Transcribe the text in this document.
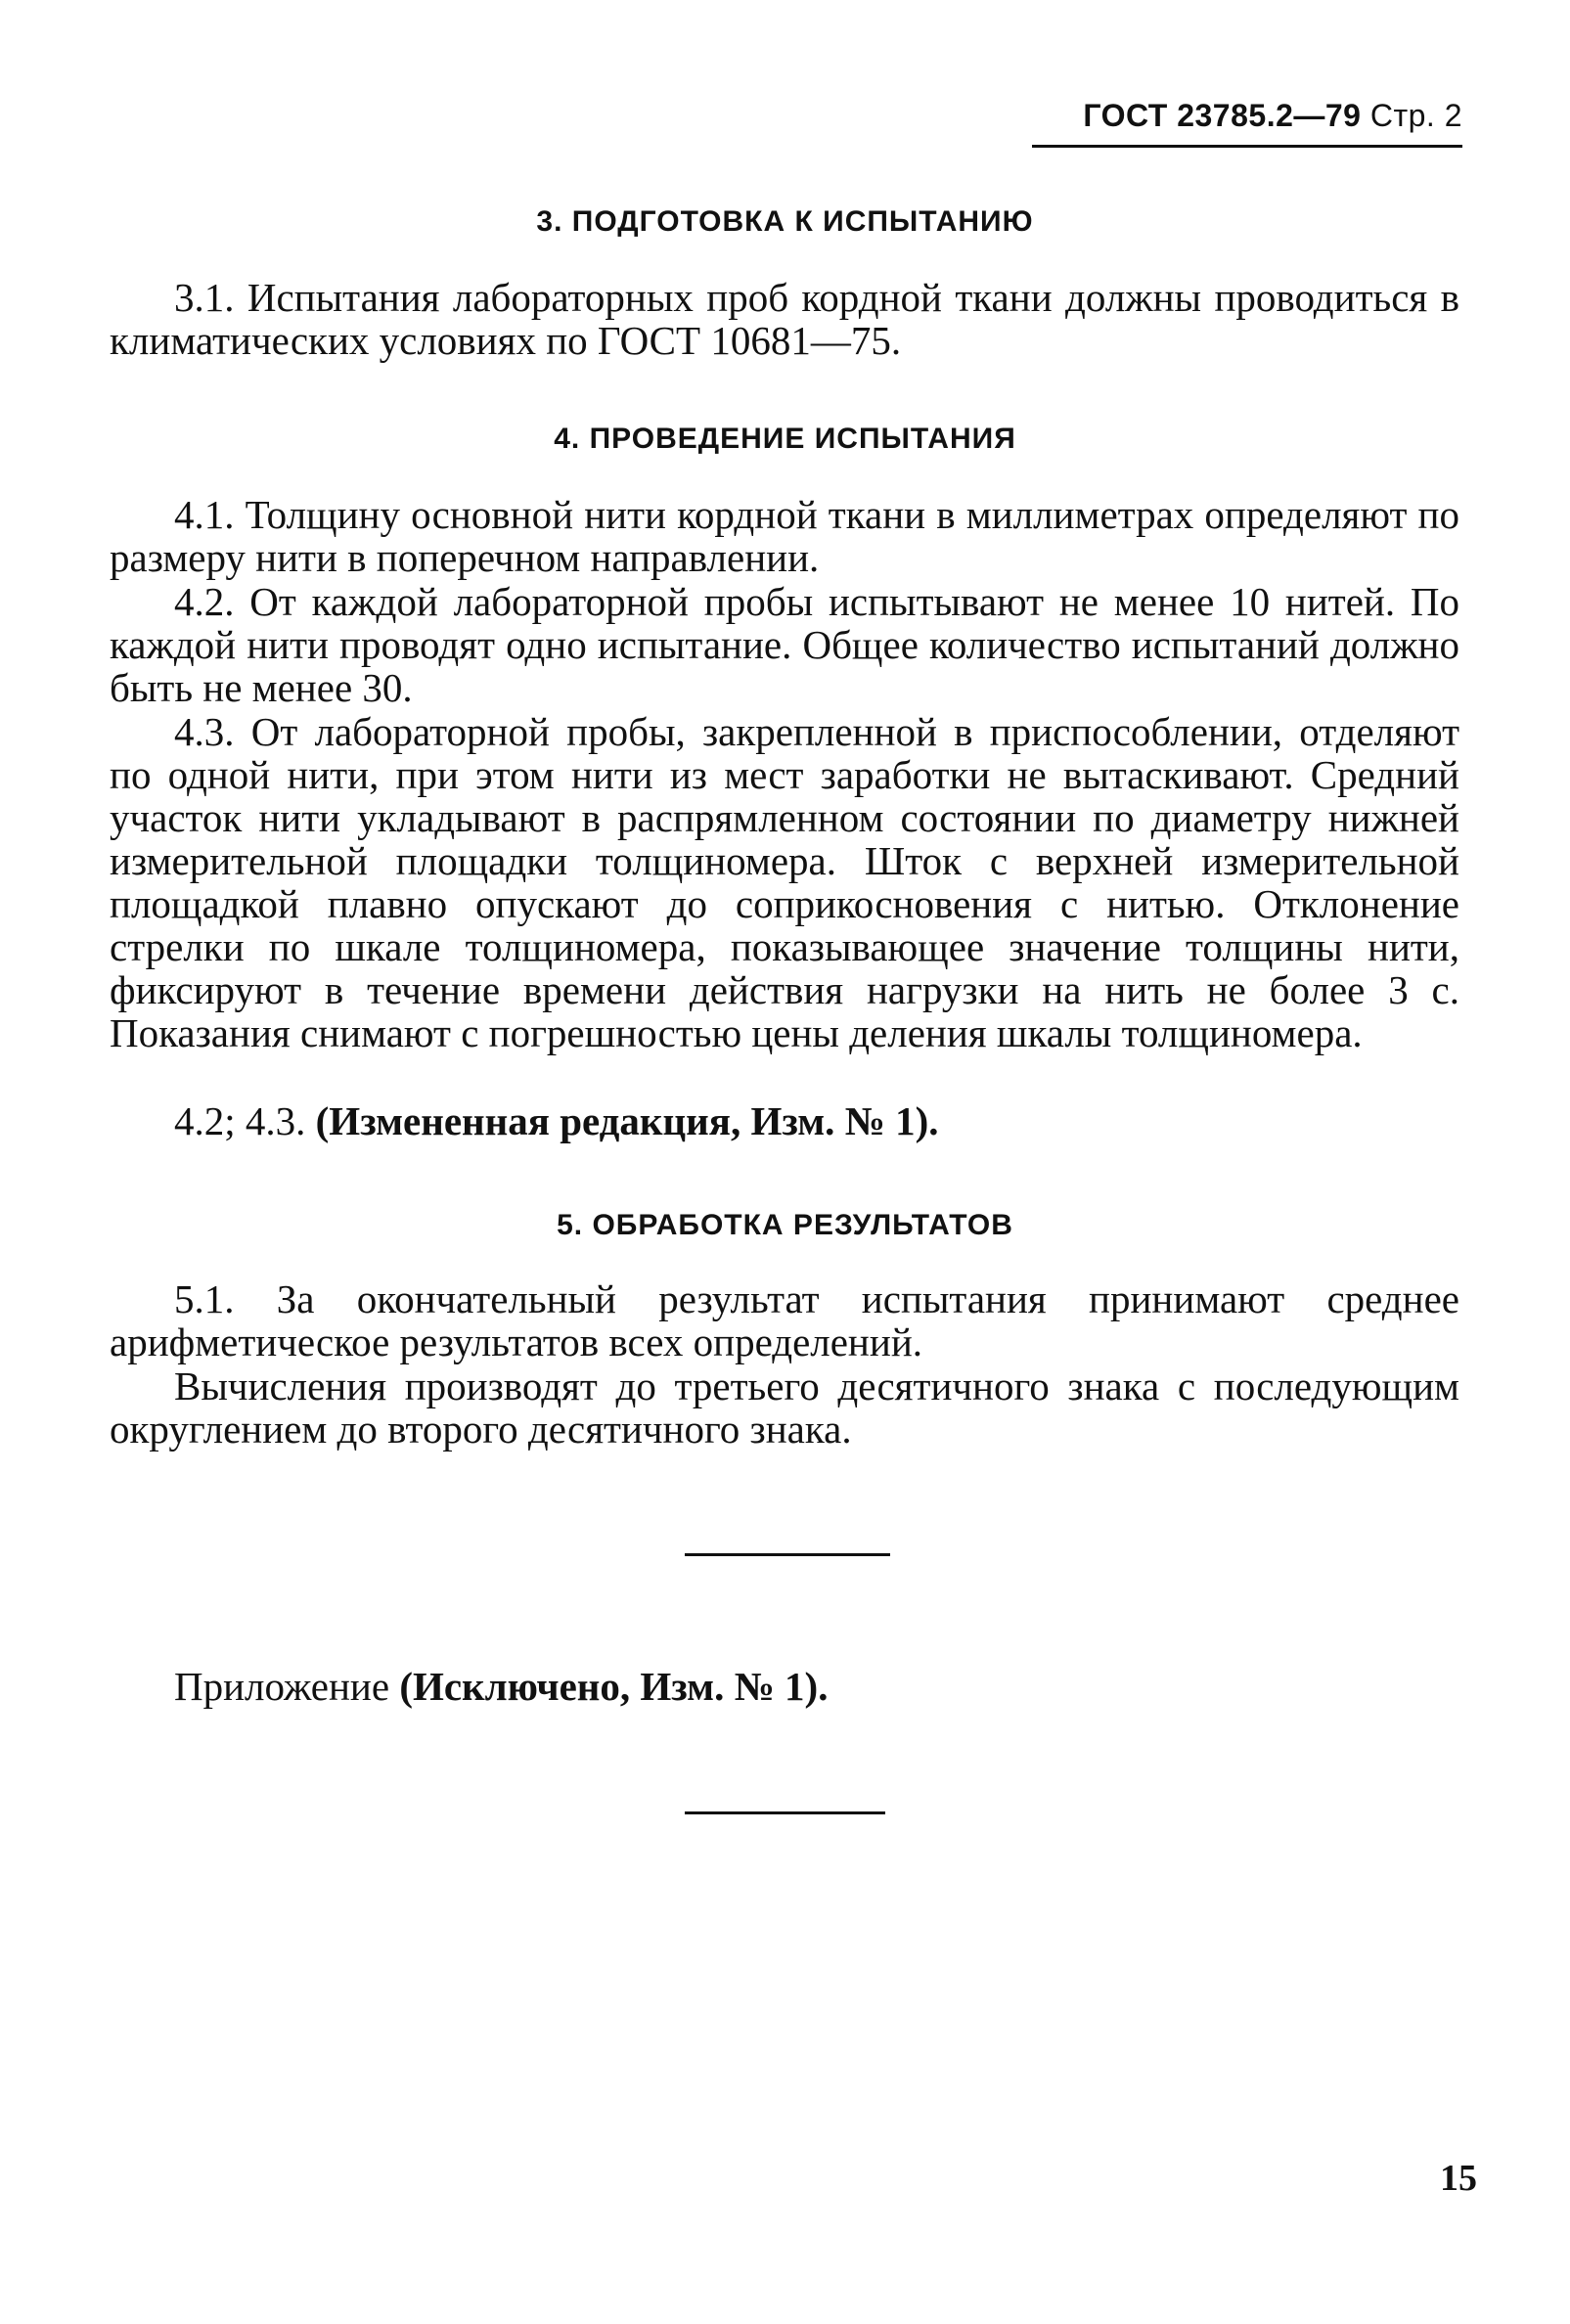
ГОСТ 23785.2—79 Стр. 2
3. ПОДГОТОВКА К ИСПЫТАНИЮ
3.1. Испытания лабораторных проб кордной ткани должны проводиться в климатических условиях по ГОСТ 10681—75.
4. ПРОВЕДЕНИЕ ИСПЫТАНИЯ
4.1. Толщину основной нити кордной ткани в миллиметрах определяют по размеру нити в поперечном направлении.
4.2. От каждой лабораторной пробы испытывают не менее 10 нитей. По каждой нити проводят одно испытание. Общее количество испытаний должно быть не менее 30.
4.3. От лабораторной пробы, закрепленной в приспособлении, отделяют по одной нити, при этом нити из мест заработки не вытаскивают. Средний участок нити укладывают в распрямленном состоянии по диаметру нижней измерительной площадки толщиномера. Шток с верхней измерительной площадкой плавно опускают до соприкосновения с нитью. Отклонение стрелки по шкале толщиномера, показывающее значение толщины нити, фиксируют в течение времени действия нагрузки на нить не более 3 с. Показания снимают с погрешностью цены деления шкалы толщиномера.
4.2; 4.3. (Измененная редакция, Изм. № 1).
5. ОБРАБОТКА РЕЗУЛЬТАТОВ
5.1. За окончательный результат испытания принимают среднее арифметическое результатов всех определений.
Вычисления производят до третьего десятичного знака с последующим округлением до второго десятичного знака.
Приложение (Исключено, Изм. № 1).
15
